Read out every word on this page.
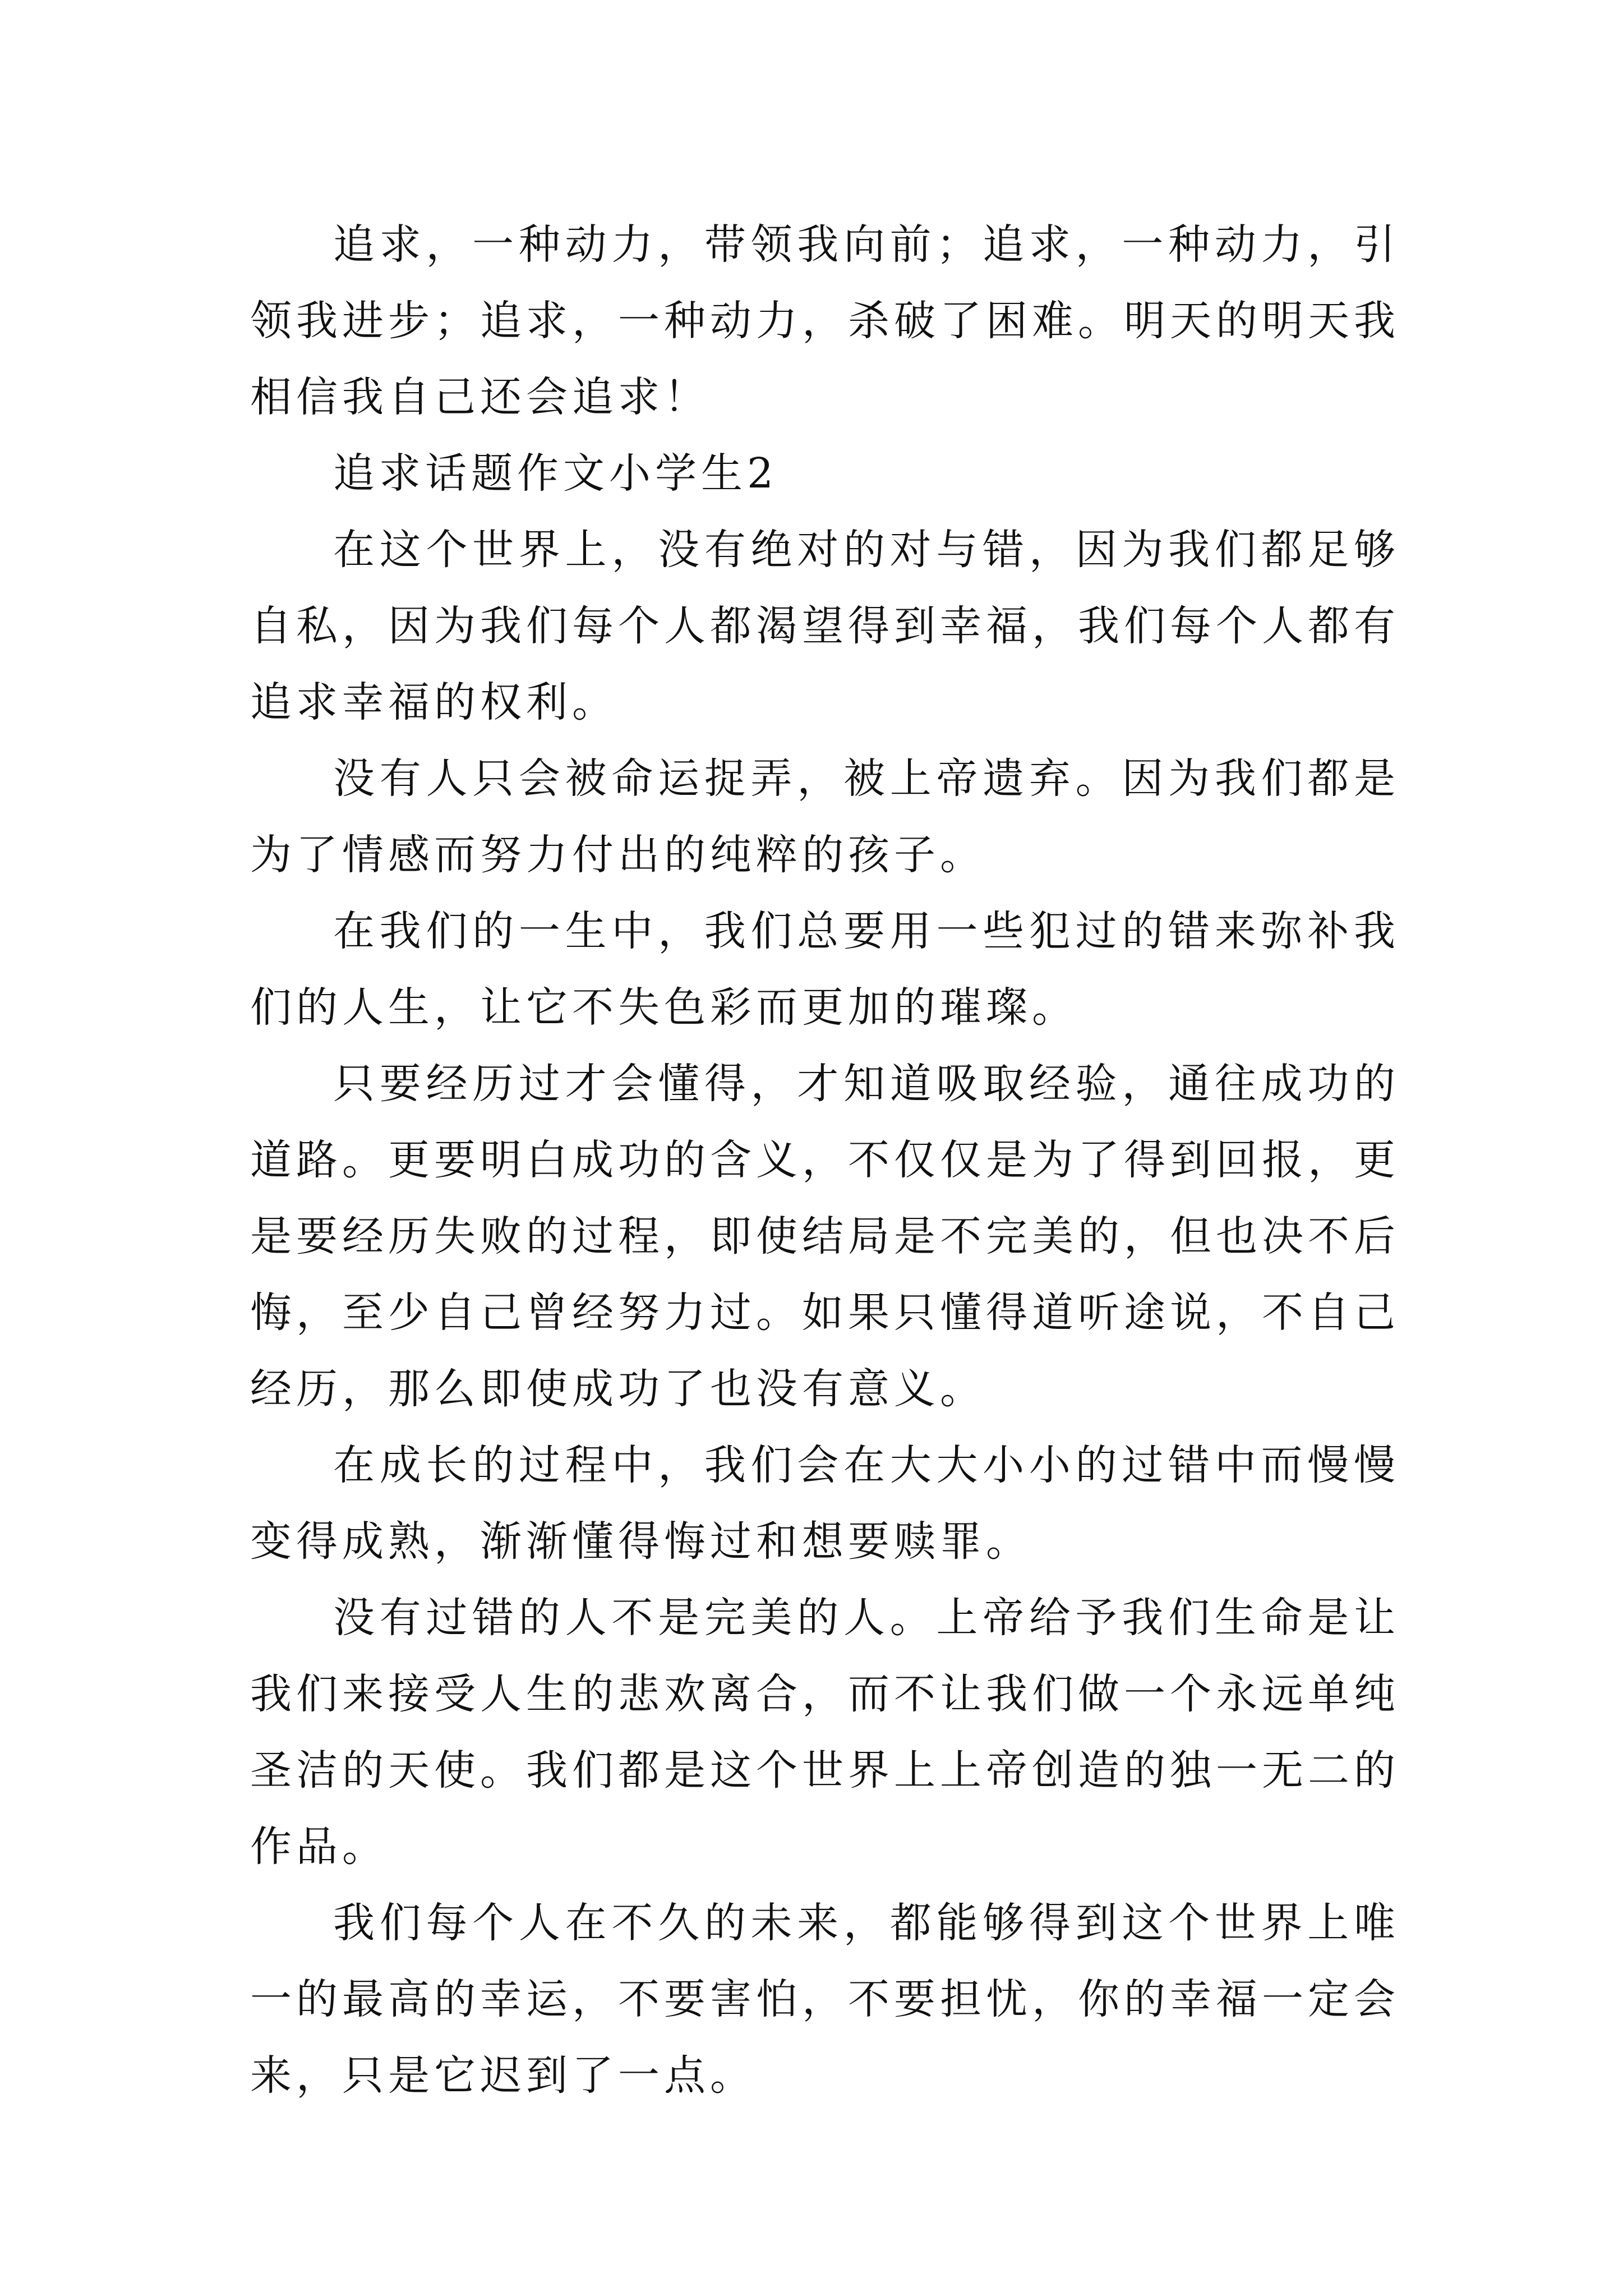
追求，一种动力，带领我向前；追求，一种动力，引领我进步；追求，一种动力，杀破了困难。明天的明天我相信我自己还会追求！

追求话题作文小学生2

在这个世界上，没有绝对的对与错，因为我们都足够自私，因为我们每个人都渴望得到幸福，我们每个人都有追求幸福的权利。

没有人只会被命运捉弄，被上帝遗弃。因为我们都是为了情感而努力付出的纯粹的孩子。

在我们的一生中，我们总要用一些犯过的错来弥补我们的人生，让它不失色彩而更加的璀璨。

只要经历过才会懂得，才知道吸取经验，通往成功的道路。更要明白成功的含义，不仅仅是为了得到回报，更是要经历失败的过程，即使结局是不完美的，但也决不后悔，至少自己曾经努力过。如果只懂得道听途说，不自己经历，那么即使成功了也没有意义。

在成长的过程中，我们会在大大小小的过错中而慢慢变得成熟，渐渐懂得悔过和想要赎罪。

没有过错的人不是完美的人。上帝给予我们生命是让我们来接受人生的悲欢离合，而不让我们做一个永远单纯圣洁的天使。我们都是这个世界上上帝创造的独一无二的作品。

我们每个人在不久的未来，都能够得到这个世界上唯一的最高的幸运，不要害怕，不要担忧，你的幸福一定会来，只是它迟到了一点。
